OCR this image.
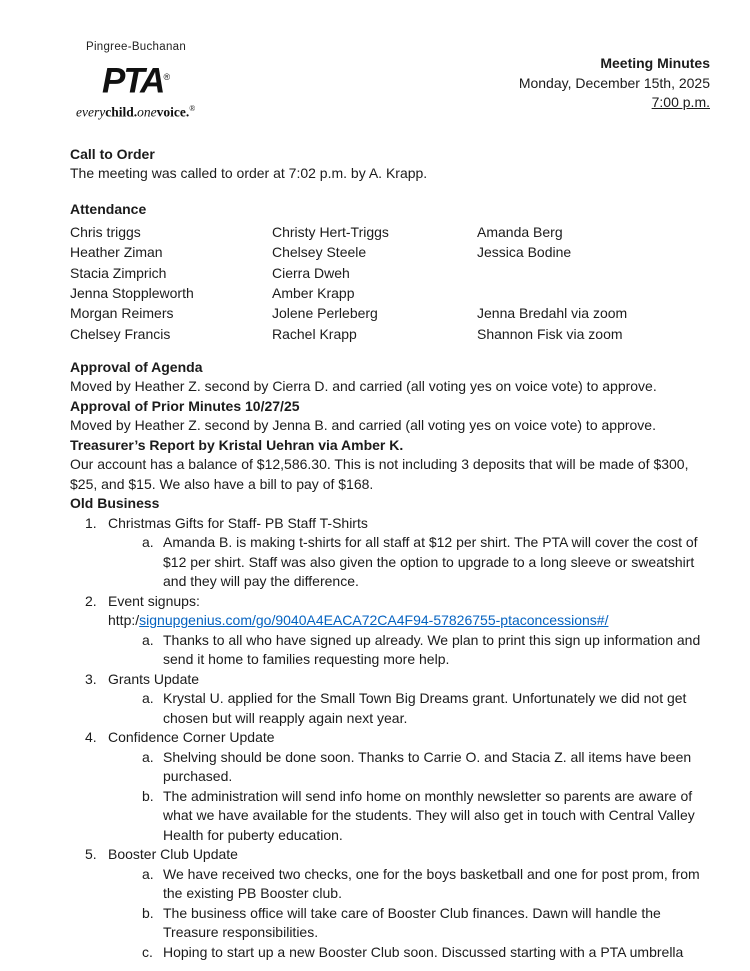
Pingree-Buchanan
PTA®
everychild.onevoice.®
Meeting Minutes
Monday, December 15th, 2025
7:00 p.m.
Call to Order
The meeting was called to order at 7:02 p.m. by A. Krapp.
Attendance
Chris triggs	Christy Hert-Triggs	Amanda Berg
Heather Ziman	Chelsey Steele	Jessica Bodine
Stacia Zimprich	Cierra Dweh
Jenna Stoppleworth	Amber Krapp
Morgan Reimers	Jolene Perleberg	Jenna Bredahl via zoom
Chelsey Francis	Rachel Krapp	Shannon Fisk via zoom
Approval of Agenda
Moved by Heather Z. second by Cierra D. and carried (all voting yes on voice vote) to approve.
Approval of Prior Minutes 10/27/25
Moved by Heather Z. second by Jenna B. and carried (all voting yes on voice vote) to approve.
Treasurer’s Report by Kristal Uehran via Amber K.
Our account has a balance of $12,586.30. This is not including 3 deposits that will be made of $300, $25, and $15. We also have a bill to pay of $168.
Old Business
1. Christmas Gifts for Staff- PB Staff T-Shirts
a. Amanda B. is making t-shirts for all staff at $12 per shirt. The PTA will cover the cost of $12 per shirt. Staff was also given the option to upgrade to a long sleeve or sweatshirt and they will pay the difference.
2. Event signups:
http:/signupgenius.com/go/9040A4EACA72CA4F94-57826755-ptaconcessions#/
a. Thanks to all who have signed up already. We plan to print this sign up information and send it home to families requesting more help.
3. Grants Update
a. Krystal U. applied for the Small Town Big Dreams grant. Unfortunately we did not get chosen but will reapply again next year.
4. Confidence Corner Update
a. Shelving should be done soon. Thanks to Carrie O. and Stacia Z. all items have been purchased.
b. The administration will send info home on monthly newsletter so parents are aware of what we have available for the students. They will also get in touch with Central Valley Health for puberty education.
5. Booster Club Update
a. We have received two checks, one for the boys basketball and one for post prom, from the existing PB Booster club.
b. The business office will take care of Booster Club finances. Dawn will handle the Treasure responsibilities.
c. Hoping to start up a new Booster Club soon. Discussed starting with a PTA umbrella
